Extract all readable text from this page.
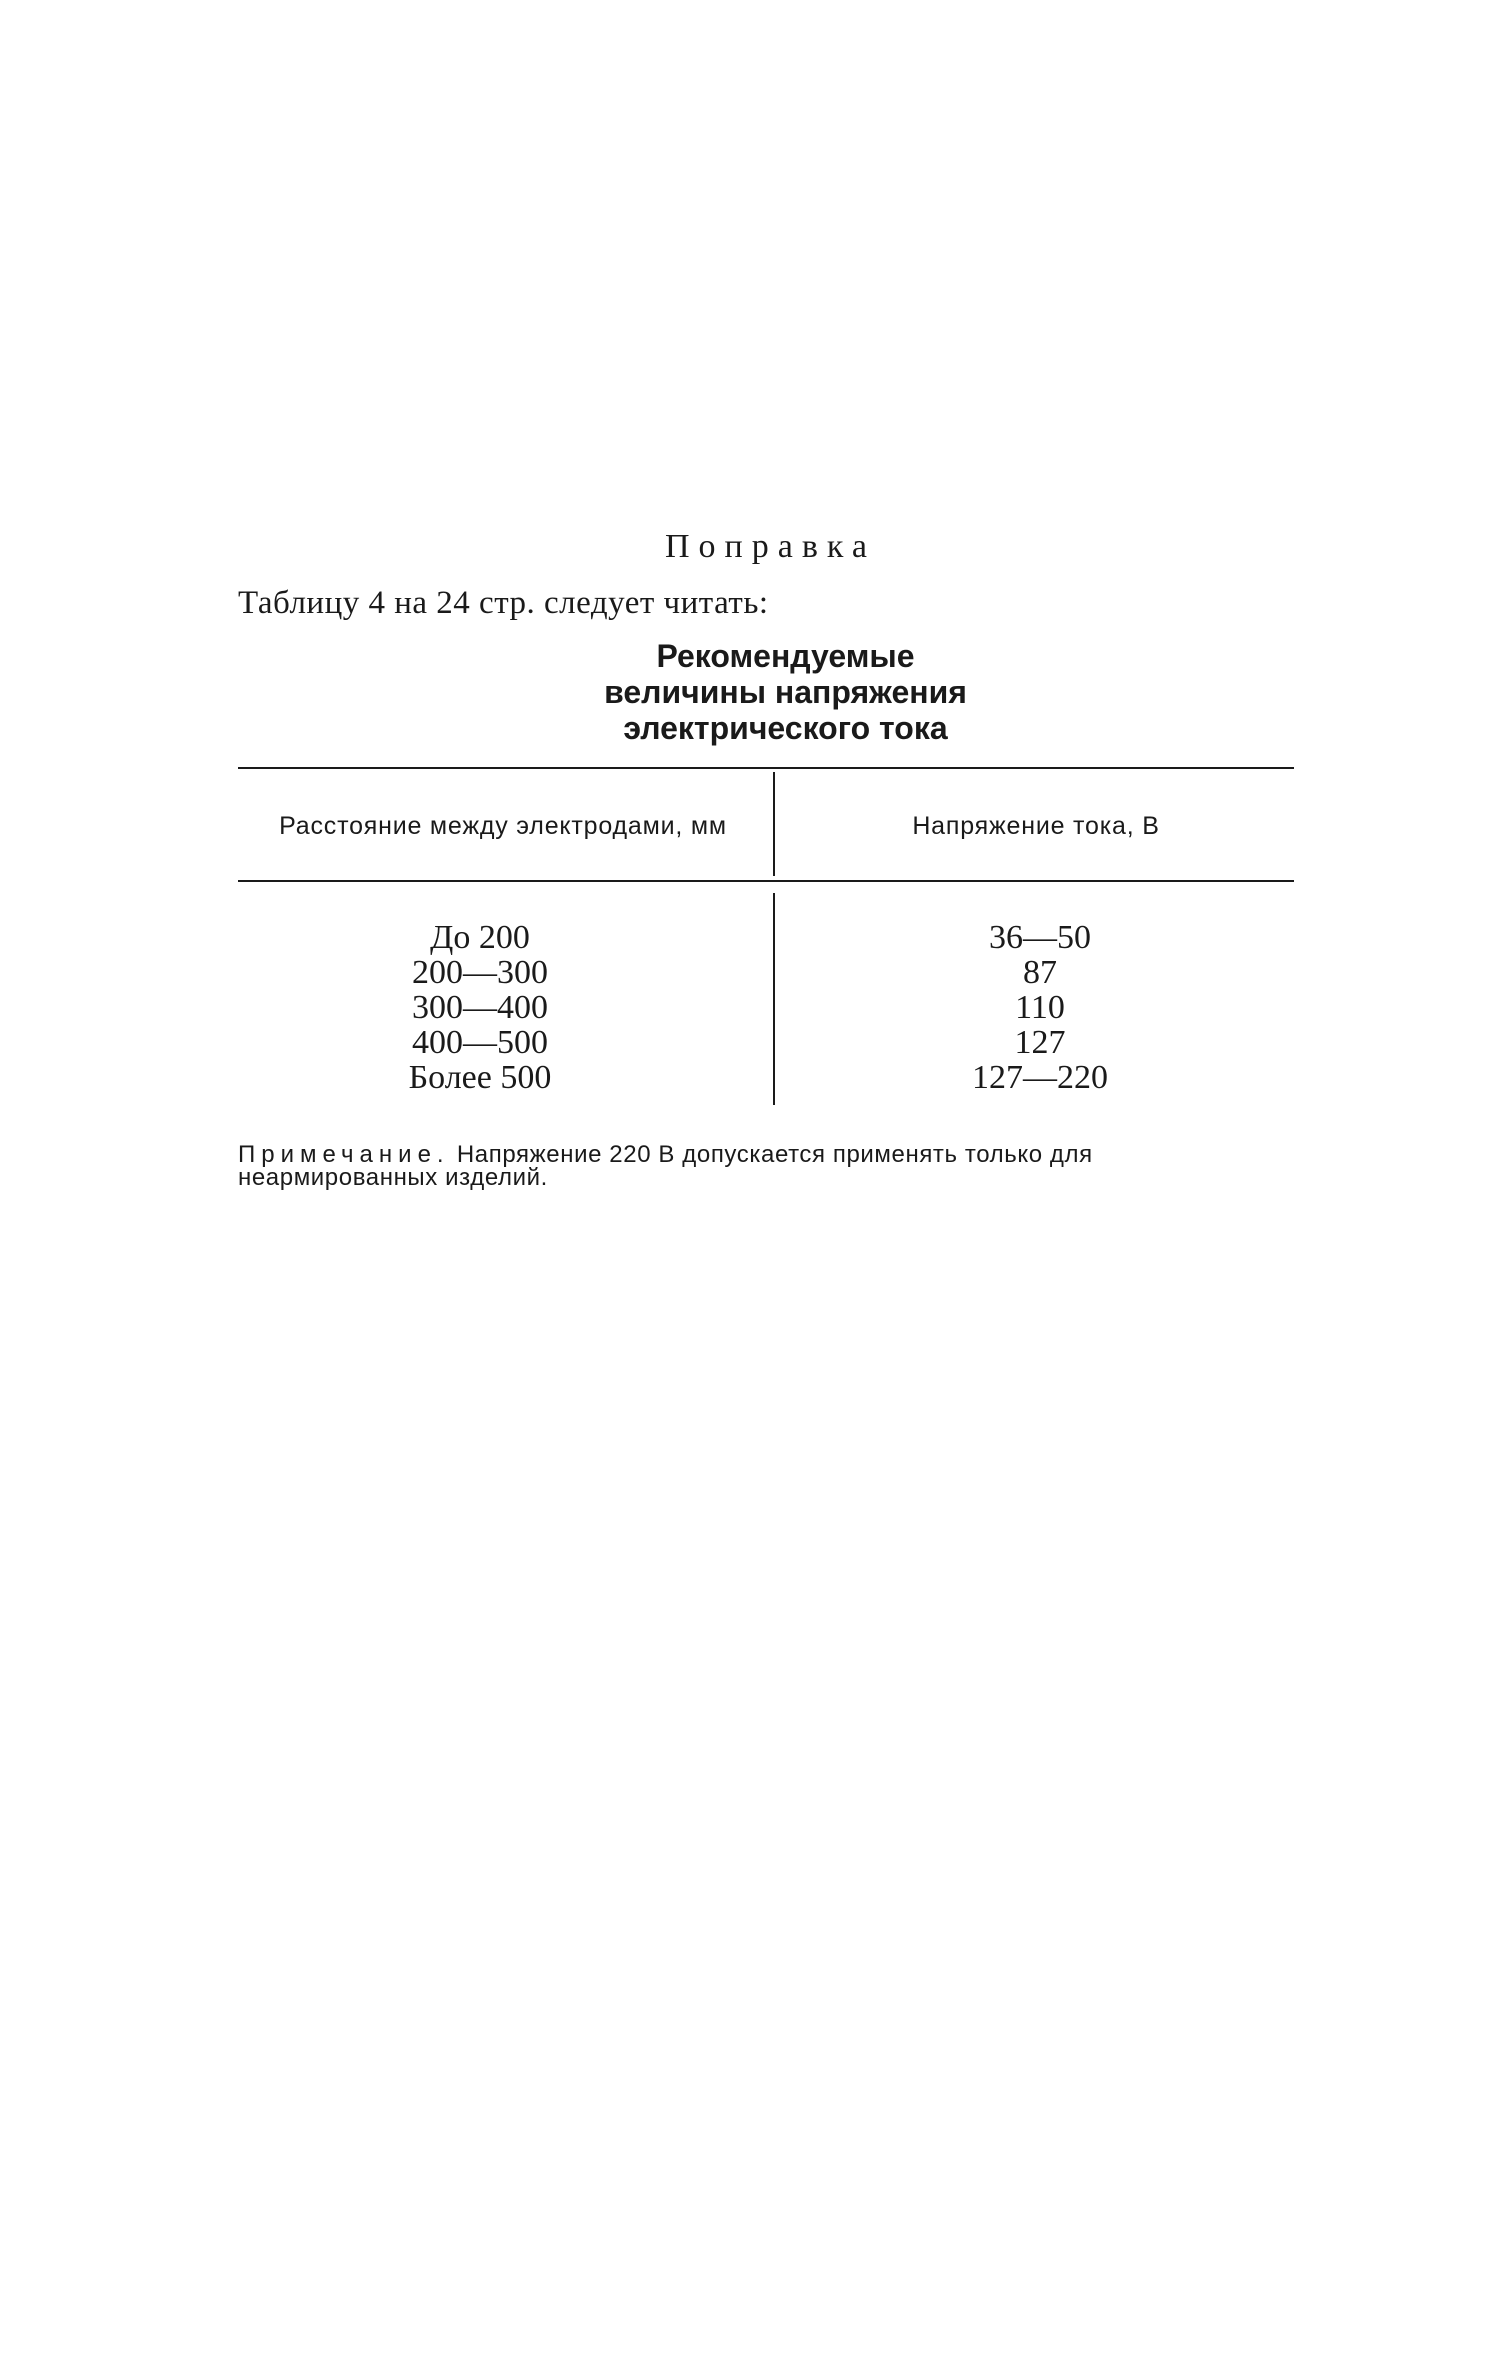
Поправка
Таблицу 4 на 24 стр. следует читать:
Рекомендуемые
величины напряжения
электрического тока
Расстояние между электродами, мм	Напряжение тока, В
До 200
200—300
300—400
400—500
Более 500
36—50
87
110
127
127—220
Примечание. Напряжение 220 В допускается применять только для неармированных изделий.
